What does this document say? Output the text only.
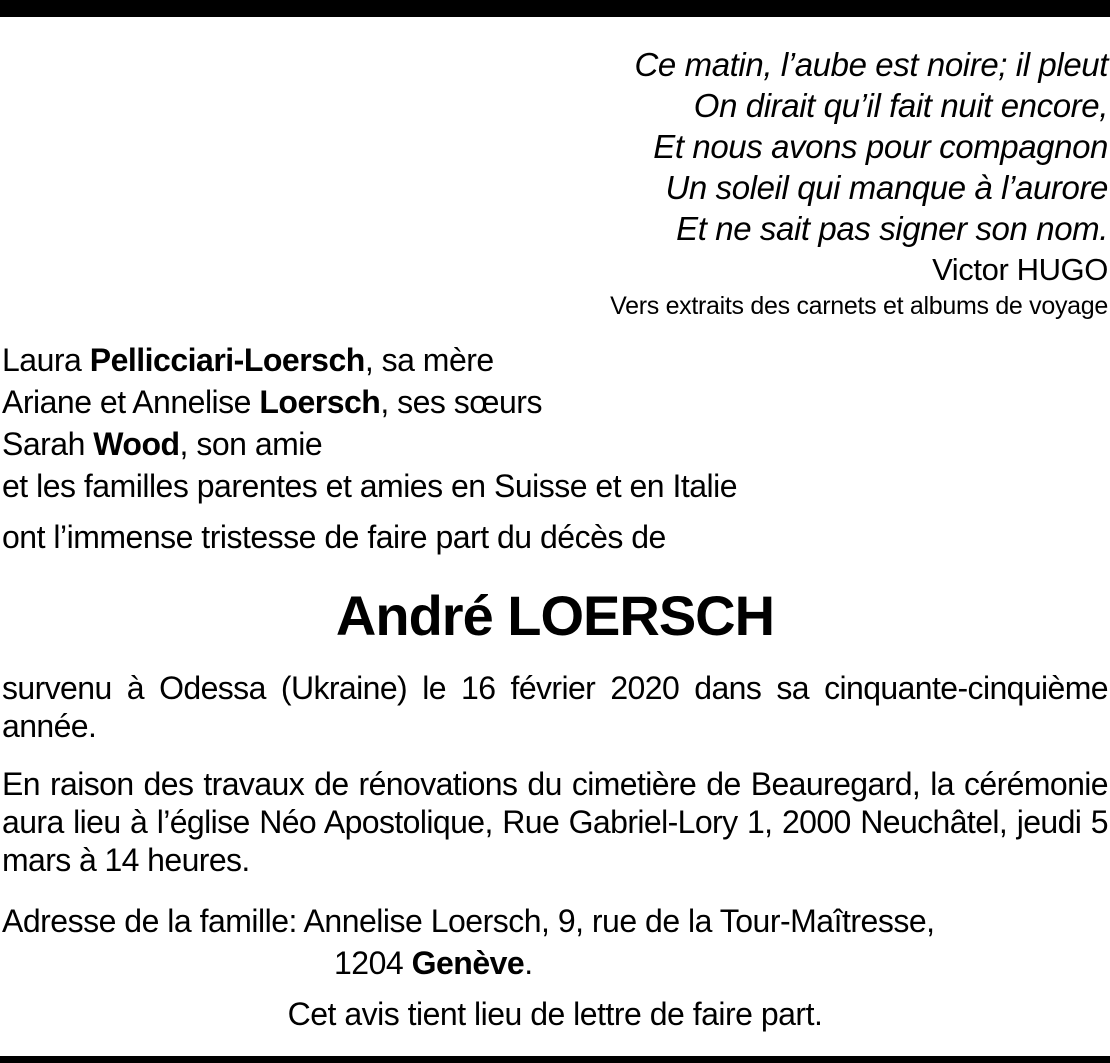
Ce matin, l’aube est noire; il pleut
On dirait qu’il fait nuit encore,
Et nous avons pour compagnon
Un soleil qui manque à l’aurore
Et ne sait pas signer son nom.
Victor HUGO
Vers extraits des carnets et albums de voyage
Laura Pellicciari-Loersch, sa mère
Ariane et Annelise Loersch, ses sœurs
Sarah Wood, son amie
et les familles parentes et amies en Suisse et en Italie
ont l’immense tristesse de faire part du décès de
André LOERSCH
survenu à Odessa (Ukraine) le 16 février 2020 dans sa cinquante-cinquième année.
En raison des travaux de rénovations du cimetière de Beauregard, la cérémonie aura lieu à l’église Néo Apostolique, Rue Gabriel-Lory 1, 2000 Neuchâtel, jeudi 5 mars à 14 heures.
Adresse de la famille: Annelise Loersch, 9, rue de la Tour-Maîtresse,
1204 Genève.
Cet avis tient lieu de lettre de faire part.
